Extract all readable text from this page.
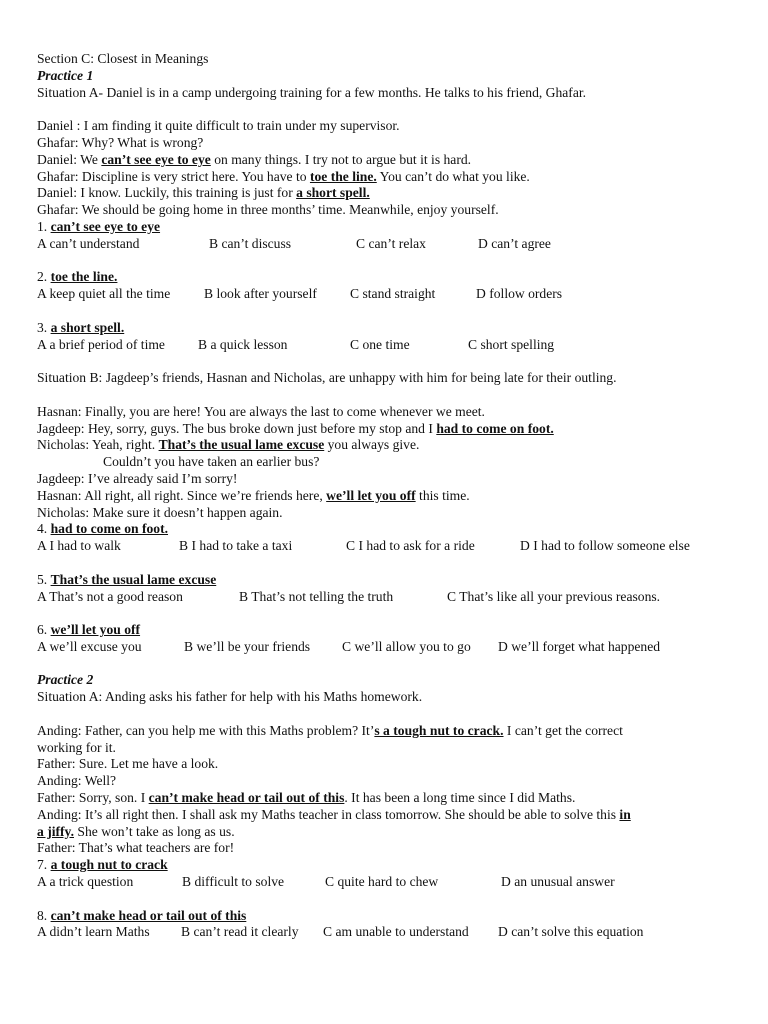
Section C: Closest in Meanings
Practice 1
Situation A- Daniel is in a camp undergoing training for a few months. He talks to his friend, Ghafar.
Daniel : I am finding it quite difficult to train under my supervisor.
Ghafar: Why? What is wrong?
Daniel: We can’t see eye to eye on many things. I try not to argue but it is hard.
Ghafar: Discipline is very strict here. You have to toe the line. You can’t do what you like.
Daniel: I know. Luckily, this training is just for a short spell.
Ghafar: We should be going home in three months’ time. Meanwhile, enjoy yourself.
1. can’t see eye to eye
A can’t understand	B can’t discuss	C can’t relax	D can’t agree
2. toe the line.
A keep quiet all the time B look after yourself C stand straight	D follow orders
3. a short spell.
A a brief period of time B a quick lesson	C one time	C short spelling
Situation B: Jagdeep’s friends, Hasnan and Nicholas, are unhappy with him for being late for their outling.
Hasnan: Finally, you are here! You are always the last to come whenever we meet.
Jagdeep: Hey, sorry, guys. The bus broke down just before my stop and I had to come on foot.
Nicholas: Yeah, right. That’s the usual lame excuse you always give.
Couldn’t you have taken an earlier bus?
Jagdeep: I’ve already said I’m sorry!
Hasnan: All right, all right. Since we’re friends here, we’ll let you off this time.
Nicholas: Make sure it doesn’t happen again.
4. had to come on foot.
A I had to walk	B I had to take a taxi	C I had to ask for a ride	D I had to follow someone else
5. That’s the usual lame excuse
A That’s not a good reason	B That’s not telling the truth	C That’s like all your previous reasons.
6. we’ll let you off
A we’ll excuse you	B we’ll be your friends C we’ll allow you to go D we’ll forget what happened
Practice 2
Situation A: Anding asks his father for help with his Maths homework.
Anding: Father, can you help me with this Maths problem? It’s a tough nut to crack. I can’t get the correct
working for it.
Father: Sure. Let me have a look.
Anding: Well?
Father: Sorry, son. I can’t make head or tail out of this. It has been a long time since I did Maths.
Anding: It’s all right then. I shall ask my Maths teacher in class tomorrow. She should be able to solve this in
a jiffy. She won’t take as long as us.
Father: That’s what teachers are for!
7. a tough nut to crack
A a trick question	B difficult to solve	C quite hard to chew	D an unusual answer
8. can’t make head or tail out of this
A didn’t learn Maths B can’t read it clearly C am unable to understand D can’t solve this equation
